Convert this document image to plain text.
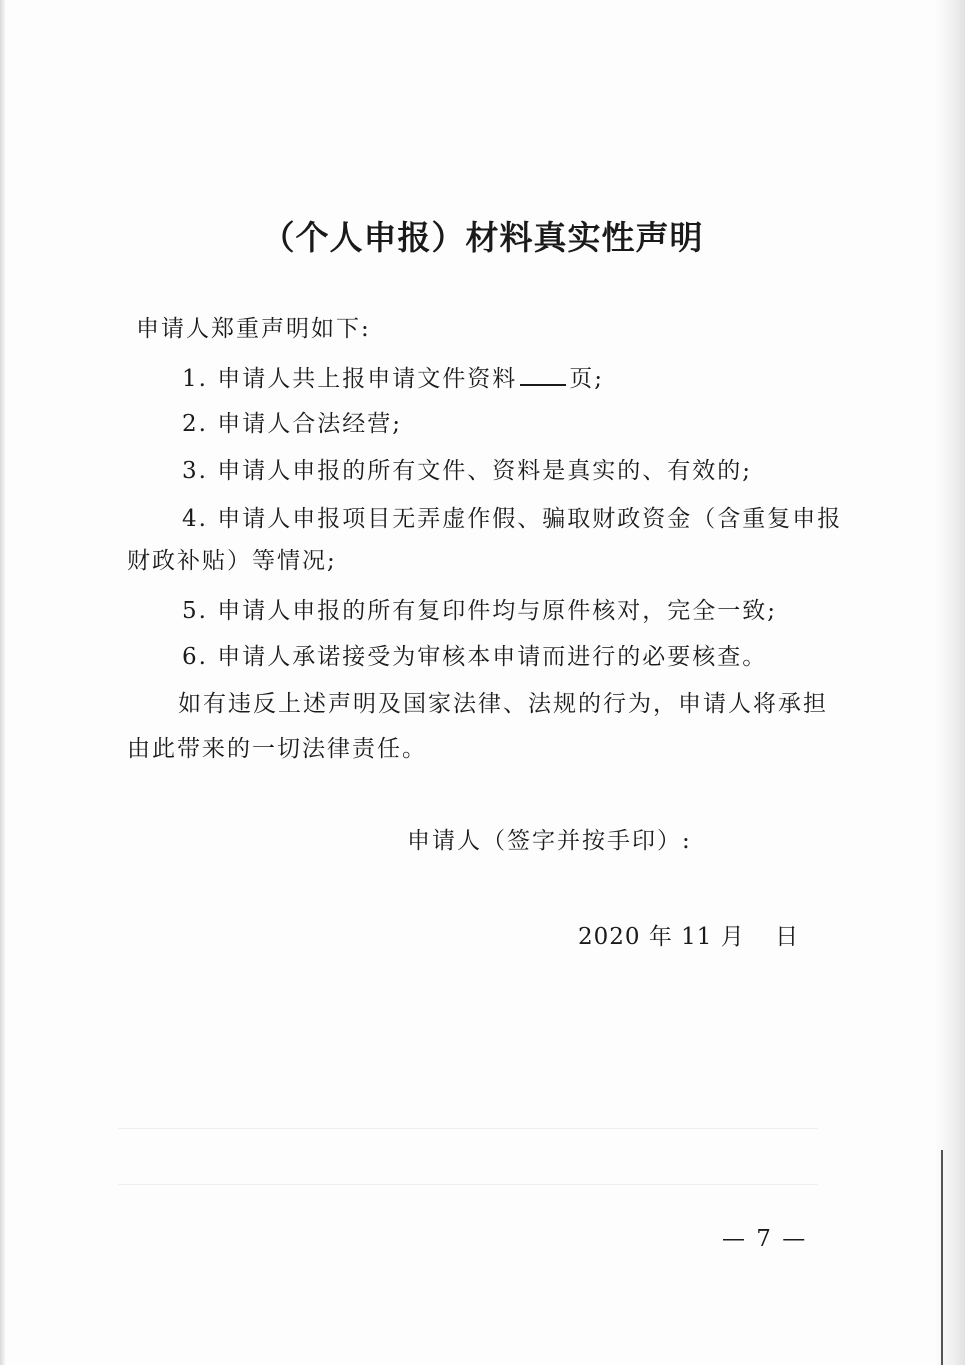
（个人申报）材料真实性声明
申请人郑重声明如下:
1. 申请人共上报申请文件资料 页;
2. 申请人合法经营;
3. 申请人申报的所有文件、资料是真实的、有效的;
4. 申请人申报项目无弄虚作假、骗取财政资金（含重复申报
财政补贴）等情况;
5. 申请人申报的所有复印件均与原件核对，完全一致;
6. 申请人承诺接受为审核本申请而进行的必要核查。
如有违反上述声明及国家法律、法规的行为，申请人将承担
由此带来的一切法律责任。
申请人（签字并按手印）:
2020 年 11 月 日
— 7 —
